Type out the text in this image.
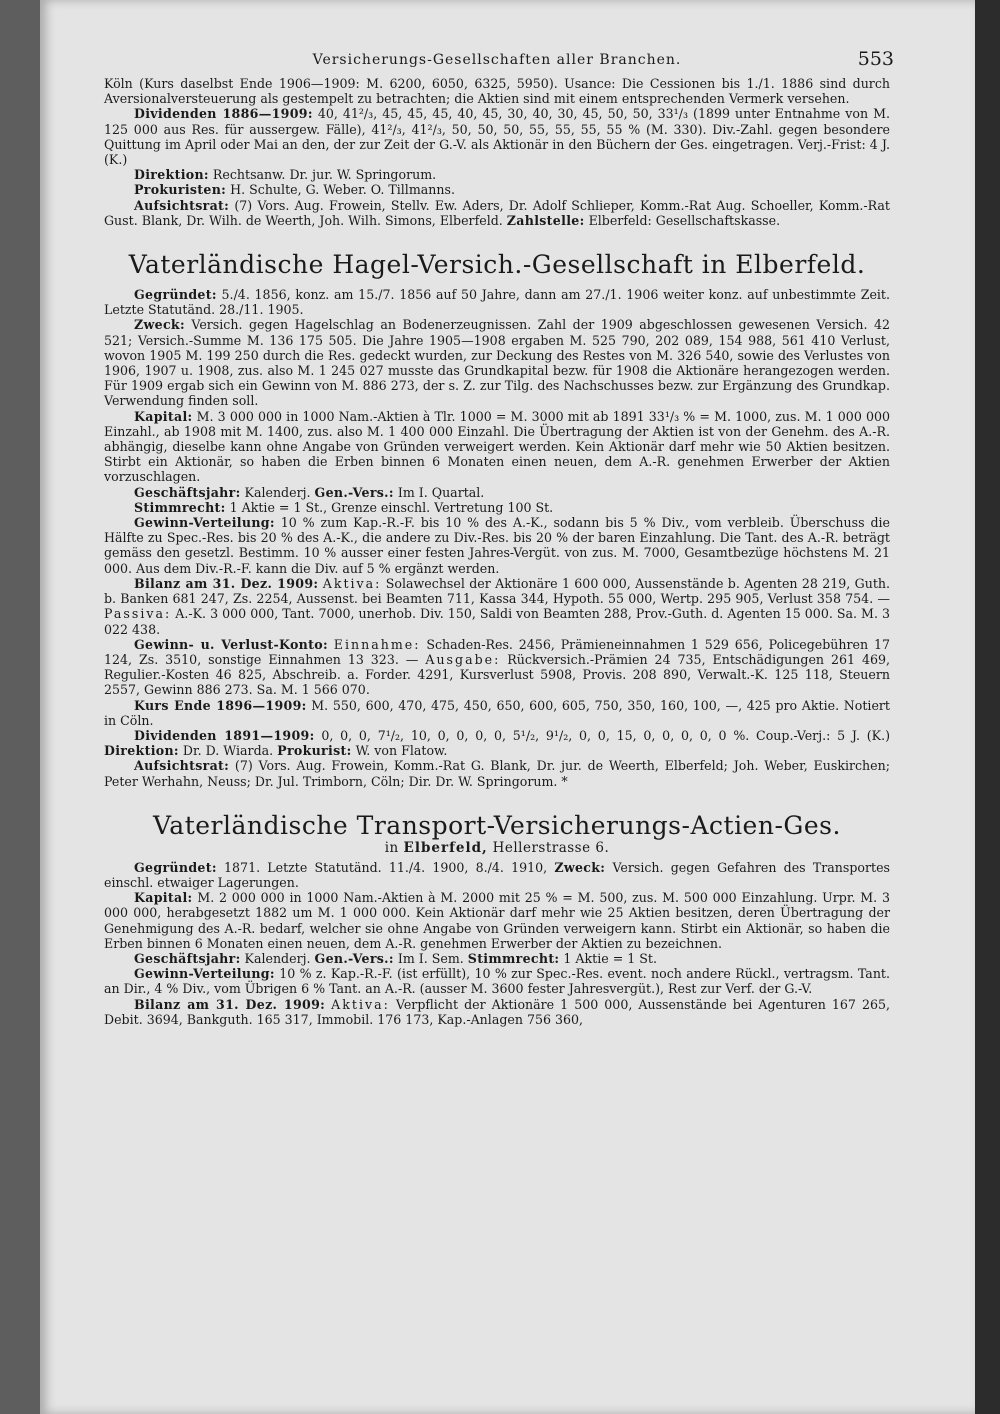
Versicherungs-Gesellschaften aller Branchen.	553

Köln (Kurs daselbst Ende 1906—1909: M. 6200, 6050, 6325, 5950). Usance: Die Cessionen bis 1./1. 1886 sind durch Aversionalversteuerung als gestempelt zu betrachten; die Aktien sind mit einem entsprechenden Vermerk versehen.

Dividenden 1886—1909: 40, 41²/₃, 45, 45, 45, 40, 45, 30, 40, 30, 45, 50, 50, 33¹/₃ (1899 unter Entnahme von M. 125 000 aus Res. für aussergew. Fälle), 41²/₃, 41²/₃, 50, 50, 50, 55, 55, 55, 55 % (M. 330). Div.-Zahl. gegen besondere Quittung im April oder Mai an den, der zur Zeit der G.-V. als Aktionär in den Büchern der Ges. eingetragen. Verj.-Frist: 4 J. (K.)

Direktion: Rechtsanw. Dr. jur. W. Springorum.

Prokuristen: H. Schulte, G. Weber. O. Tillmanns.

Aufsichtsrat: (7) Vors. Aug. Frowein, Stellv. Ew. Aders, Dr. Adolf Schlieper, Komm.-Rat Aug. Schoeller, Komm.-Rat Gust. Blank, Dr. Wilh. de Weerth, Joh. Wilh. Simons, Elberfeld. Zahlstelle: Elberfeld: Gesellschaftskasse.

Vaterländische Hagel-Versich.-Gesellschaft in Elberfeld.

Gegründet: 5./4. 1856, konz. am 15./7. 1856 auf 50 Jahre, dann am 27./1. 1906 weiter konz. auf unbestimmte Zeit. Letzte Statutänd. 28./11. 1905.

Zweck: Versich. gegen Hagelschlag an Bodenerzeugnissen. Zahl der 1909 abgeschlossen gewesenen Versich. 42 521; Versich.-Summe M. 136 175 505. Die Jahre 1905—1908 ergaben M. 525 790, 202 089, 154 988, 561 410 Verlust, wovon 1905 M. 199 250 durch die Res. gedeckt wurden, zur Deckung des Restes von M. 326 540, sowie des Verlustes von 1906, 1907 u. 1908, zus. also M. 1 245 027 musste das Grundkapital bezw. für 1908 die Aktionäre herangezogen werden. Für 1909 ergab sich ein Gewinn von M. 886 273, der s. Z. zur Tilg. des Nachschusses bezw. zur Ergänzung des Grundkap. Verwendung finden soll.

Kapital: M. 3 000 000 in 1000 Nam.-Aktien à Tlr. 1000 = M. 3000 mit ab 1891 33¹/₃ % = M. 1000, zus. M. 1 000 000 Einzahl., ab 1908 mit M. 1400, zus. also M. 1 400 000 Einzahl. Die Übertragung der Aktien ist von der Genehm. des A.-R. abhängig, dieselbe kann ohne Angabe von Gründen verweigert werden. Kein Aktionär darf mehr wie 50 Aktien besitzen. Stirbt ein Aktionär, so haben die Erben binnen 6 Monaten einen neuen, dem A.-R. genehmen Erwerber der Aktien vorzuschlagen.

Geschäftsjahr: Kalenderj. Gen.-Vers.: Im I. Quartal.

Stimmrecht: 1 Aktie = 1 St., Grenze einschl. Vertretung 100 St.

Gewinn-Verteilung: 10 % zum Kap.-R.-F. bis 10 % des A.-K., sodann bis 5 % Div., vom verbleib. Überschuss die Hälfte zu Spec.-Res. bis 20 % des A.-K., die andere zu Div.-Res. bis 20 % der baren Einzahlung. Die Tant. des A.-R. beträgt gemäss den gesetzl. Bestimm. 10 % ausser einer festen Jahres-Vergüt. von zus. M. 7000, Gesamtbezüge höchstens M. 21 000. Aus dem Div.-R.-F. kann die Div. auf 5 % ergänzt werden.

Bilanz am 31. Dez. 1909: Aktiva: Solawechsel der Aktionäre 1 600 000, Aussenstände b. Agenten 28 219, Guth. b. Banken 681 247, Zs. 2254, Aussenst. bei Beamten 711, Kassa 344, Hypoth. 55 000, Wertp. 295 905, Verlust 358 754. —Passiva: A.-K. 3 000 000, Tant. 7000, unerhob. Div. 150, Saldi von Beamten 288, Prov.-Guth. d. Agenten 15 000. Sa. M. 3 022 438.

Gewinn- u. Verlust-Konto: Einnahme: Schaden-Res. 2456, Prämieneinnahmen 1 529 656, Policegebühren 17 124, Zs. 3510, sonstige Einnahmen 13 323. — Ausgabe: Rückversich.-Prämien 24 735, Entschädigungen 261 469, Regulier.-Kosten 46 825, Abschreib. a. Forder. 4291, Kursverlust 5908, Provis. 208 890, Verwalt.-K. 125 118, Steuern 2557, Gewinn 886 273. Sa. M. 1 566 070.

Kurs Ende 1896—1909: M. 550, 600, 470, 475, 450, 650, 600, 605, 750, 350, 160, 100, —, 425 pro Aktie. Notiert in Cöln.

Dividenden 1891—1909: 0, 0, 0, 7¹/₂, 10, 0, 0, 0, 0, 5¹/₂, 9¹/₂, 0, 0, 15, 0, 0, 0, 0, 0 %. Coup.-Verj.: 5 J. (K.) Direktion: Dr. D. Wiarda. Prokurist: W. von Flatow.

Aufsichtsrat: (7) Vors. Aug. Frowein, Komm.-Rat G. Blank, Dr. jur. de Weerth, Elberfeld; Joh. Weber, Euskirchen; Peter Werhahn, Neuss; Dr. Jul. Trimborn, Cöln; Dir. Dr. W. Springorum. *

Vaterländische Transport-Versicherungs-Actien-Ges.
in Elberfeld, Hellerstrasse 6.

Gegründet: 1871. Letzte Statutänd. 11./4. 1900, 8./4. 1910, Zweck: Versich. gegen Gefahren des Transportes einschl. etwaiger Lagerungen.

Kapital: M. 2 000 000 in 1000 Nam.-Aktien à M. 2000 mit 25 % = M. 500, zus. M. 500 000 Einzahlung. Urpr. M. 3 000 000, herabgesetzt 1882 um M. 1 000 000. Kein Aktionär darf mehr wie 25 Aktien besitzen, deren Übertragung der Genehmigung des A.-R. bedarf, welcher sie ohne Angabe von Gründen verweigern kann. Stirbt ein Aktionär, so haben die Erben binnen 6 Monaten einen neuen, dem A.-R. genehmen Erwerber der Aktien zu bezeichnen.

Geschäftsjahr: Kalenderj. Gen.-Vers.: Im I. Sem. Stimmrecht: 1 Aktie = 1 St.

Gewinn-Verteilung: 10 % z. Kap.-R.-F. (ist erfüllt), 10 % zur Spec.-Res. event. noch andere Rückl., vertragsm. Tant. an Dir., 4 % Div., vom Übrigen 6 % Tant. an A.-R. (ausser M. 3600 fester Jahresvergüt.), Rest zur Verf. der G.-V.

Bilanz am 31. Dez. 1909: Aktiva: Verpflicht der Aktionäre 1 500 000, Aussenstände bei Agenturen 167 265, Debit. 3694, Bankguth. 165 317, Immobil. 176 173, Kap.-Anlagen 756 360,
